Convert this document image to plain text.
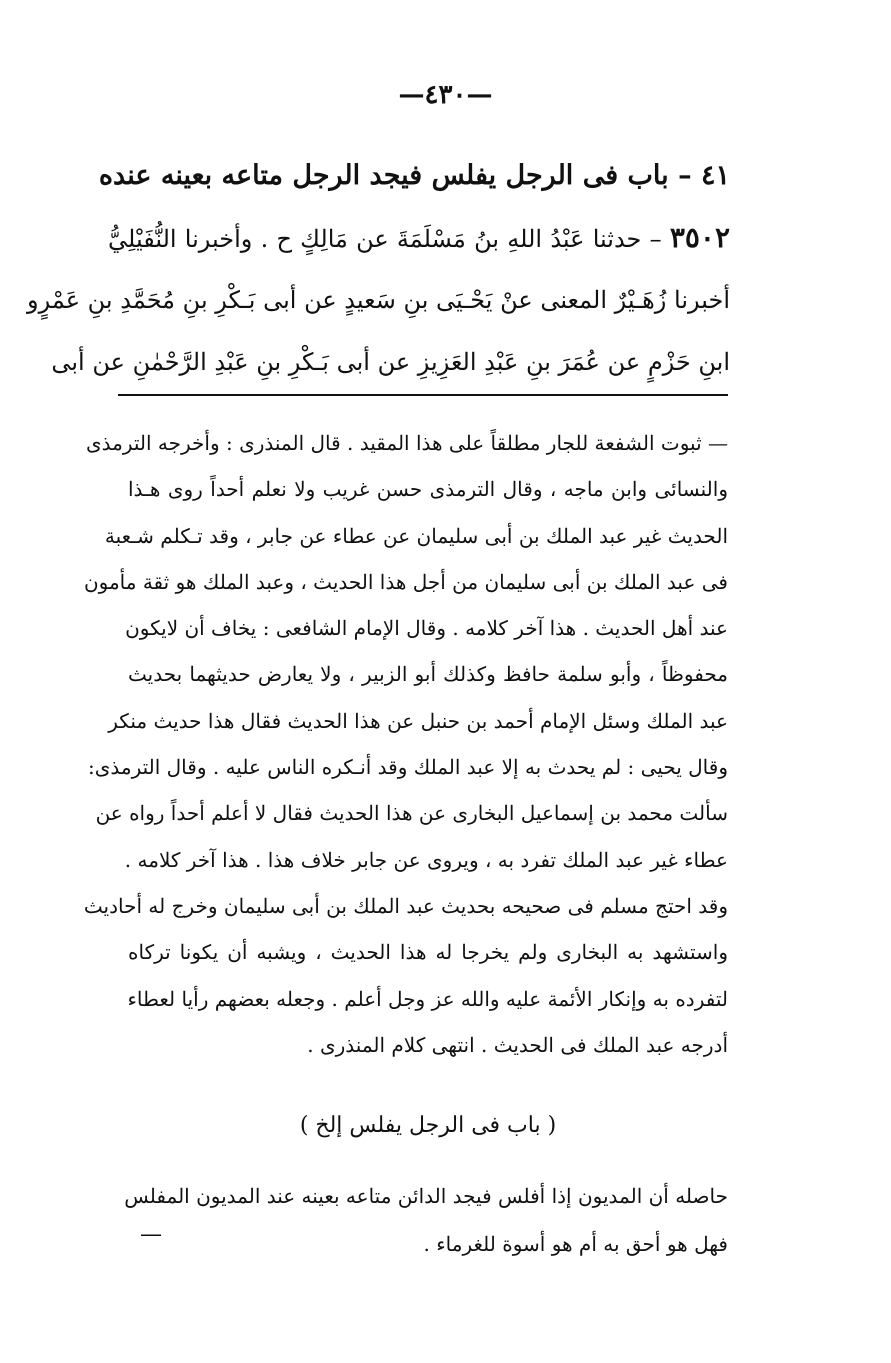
—٤٣٠—
٤١ – باب فى الرجل يفلس فيجد الرجل متاعه بعينه عنده
٣٥٠٢ – حدثنا عَبْدُ اللهِ بنُ مَسْلَمَةَ عن مَالِكٍ ح . وأخبرنا النُّفَيْلِيُّ
أخبرنا زُهَـيْرٌ المعنى عنْ يَحْـيَى بنِ سَعيدٍ عن أبى بَـكْرِ بنِ مُحَمَّدِ بنِ عَمْرٍو
ابنِ حَزْمٍ عن عُمَرَ بنِ عَبْدِ العَزِيزِ عن أبى بَـكْرِ بنِ عَبْدِ الرَّحْمٰنِ عن أبى
— ثبوت الشفعة للجار مطلقاً على هذا المقيد . قال المنذرى : وأخرجه الترمذى
والنسائى وابن ماجه ، وقال الترمذى حسن غريب ولا نعلم أحداً روى هـذا
الحديث غير عبد الملك بن أبى سليمان عن عطاء عن جابر ، وقد تـكلم شـعبة
فى عبد الملك بن أبى سليمان من أجل هذا الحديث ، وعبد الملك هو ثقة مأمون
عند أهل الحديث . هذا آخر كلامه . وقال الإمام الشافعى : يخاف أن لايكون
محفوظاً ، وأبو سلمة حافظ وكذلك أبو الزبير ، ولا يعارض حديثهما بحديث
عبد الملك وسئل الإمام أحمد بن حنبل عن هذا الحديث فقال هذا حديث منكر
وقال يحيى : لم يحدث به إلا عبد الملك وقد أنـكره الناس عليه . وقال الترمذى:
سألت محمد بن إسماعيل البخارى عن هذا الحديث فقال لا أعلم أحداً رواه عن
عطاء غير عبد الملك تفرد به ، ويروى عن جابر خلاف هذا . هذا آخر كلامه .
وقد احتج مسلم فى صحيحه بحديث عبد الملك بن أبى سليمان وخرج له أحاديث
واستشهد به البخارى ولم يخرجا له هذا الحديث ، ويشبه أن يكونا تركاه
لتفرده به وإنكار الأئمة عليه والله عز وجل أعلم . وجعله بعضهم رأيا لعطاء
أدرجه عبد الملك فى الحديث . انتهى كلام المنذرى .
( باب فى الرجل يفلس إلخ )
حاصله أن المدیون إذا أفلس فيجد الدائن متاعه بعينه عند المديون المفلس
فهل هو أحق به أم هو أسوة للغرماء .
—
